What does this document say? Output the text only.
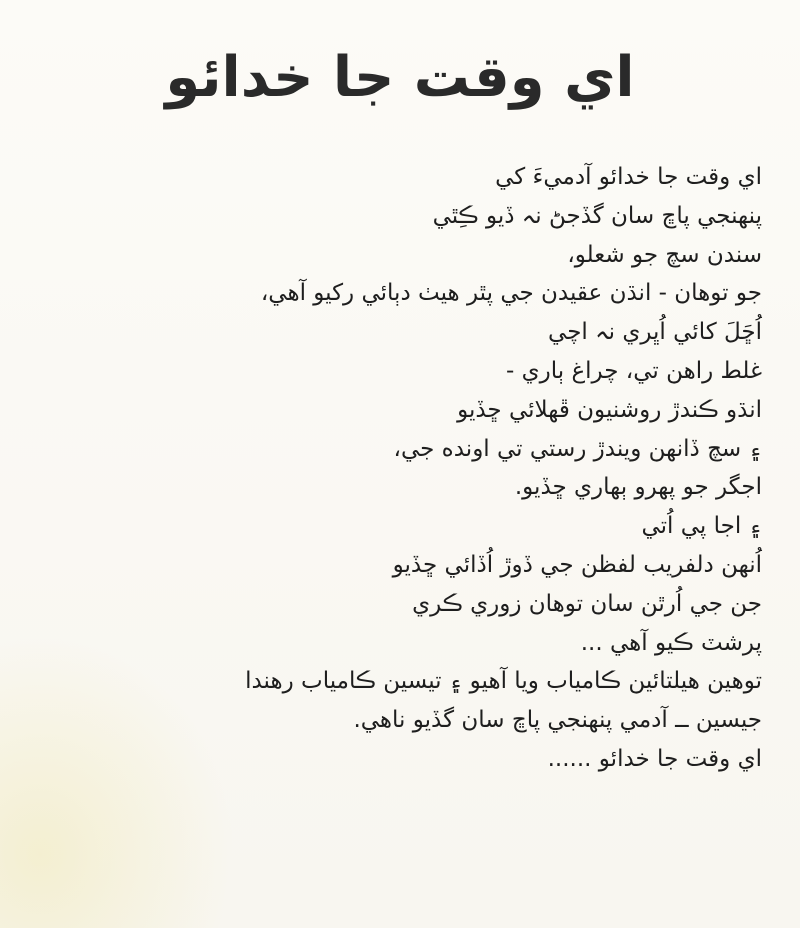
اي وقت جا خدائو
اي وقت جا خدائو آدميءَ کي
پنھنجي پاڇ سان گڏجڻ نہ ڏيو ڪِٿي
سندن سچ جو شعلو،
جو توھان - انڌن عقيدن جي پٿر ھيٺ دٻائي رکيو آھي،
اُڇَلَ کائي اُڀري نہ اچي
غلط راھن تي، چراغ ٻاري -
انڌو ڪندڙ روشنيون ڦھلائي ڇڏيو
۽ سچ ڏانھن ويندڙ رستي تي اونده جي،
اجگر جو پھرو ٻھاري ڇڏيو.
۽ اجا پي اُتي
اُنھن دلفريب لفظن جي ڏوڙ اُڏائي ڇڏيو
جن جي اُرٿن سان توھان زوري ڪري
پرشٽ ڪيو آھي ...
توھين ھيلتائين ڪامياب ويا آھيو ۽ تيسين ڪامياب رھندا
جيسين ــ آدمي پنھنجي پاڇ سان گڏيو ناھي.
اي وقت جا خدائو ......
